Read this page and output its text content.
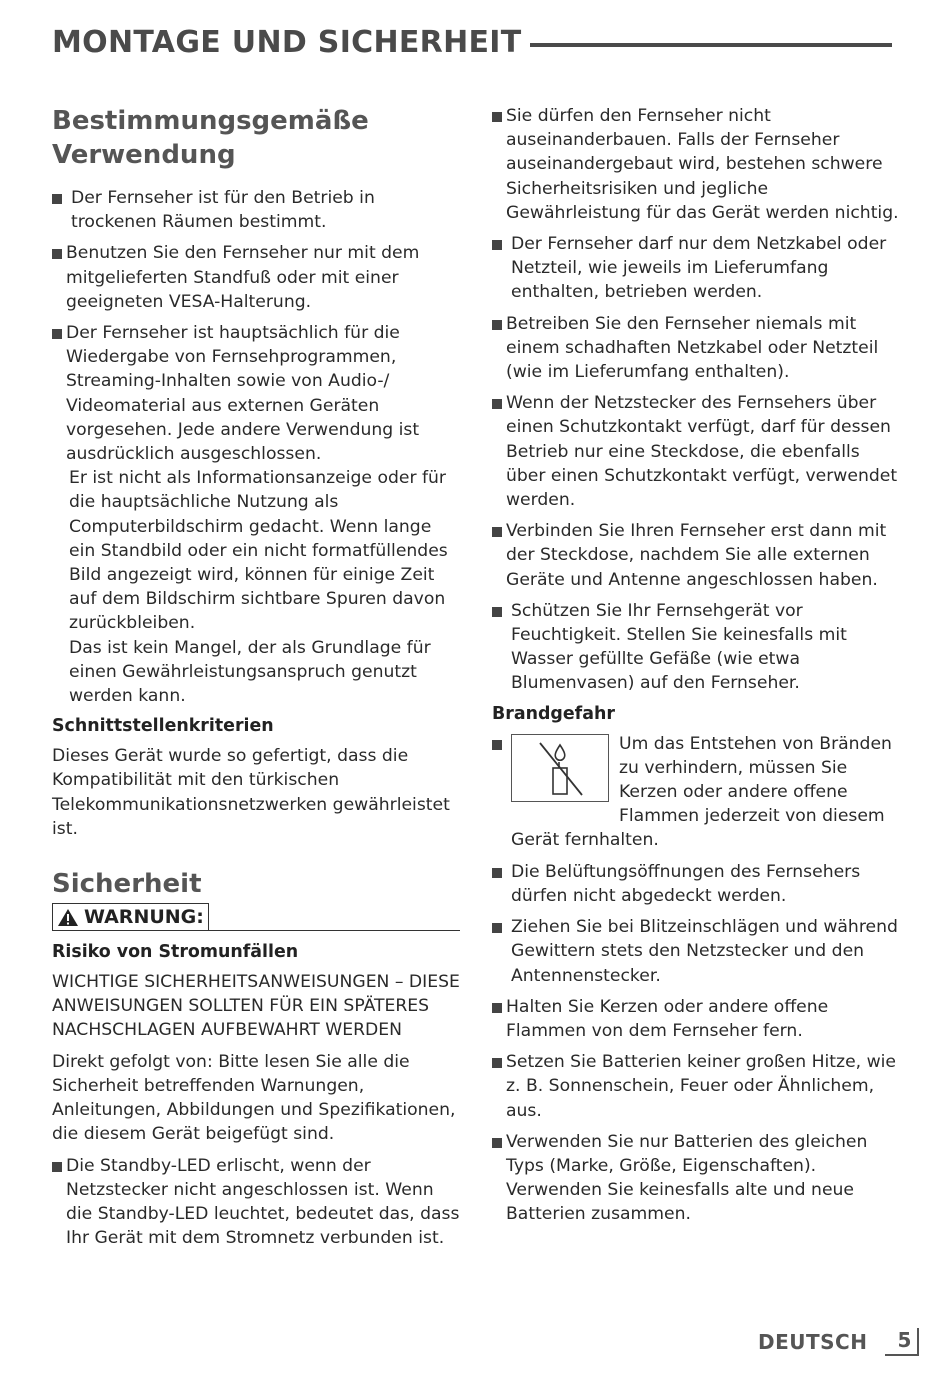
MONTAGE UND SICHERHEIT
Bestimmungsgemäße
Verwendung
Der Fernseher ist für den Betrieb in trockenen Räumen bestimmt.
Benutzen Sie den Fernseher nur mit dem mitgelieferten Standfuß oder mit einer geeigneten VESA-Halterung.
Der Fernseher ist hauptsächlich für die Wiedergabe von Fernsehprogrammen, Streaming-Inhalten sowie von Audio-/ Videomaterial aus externen Geräten vorgesehen. Jede andere Verwendung ist ausdrücklich ausgeschlossen.

Er ist nicht als Informationsanzeige oder für die hauptsächliche Nutzung als Computerbildschirm gedacht. Wenn lange ein Standbild oder ein nicht formatfüllendes Bild angezeigt wird, können für einige Zeit auf dem Bildschirm sichtbare Spuren davon zurückbleiben.

Das ist kein Mangel, der als Grundlage für einen Gewährleistungsanspruch genutzt werden kann.

Schnittstellenkriterien

Dieses Gerät wurde so gefertigt, dass die Kompatibilität mit den türkischen Telekommunikationsnetzwerken gewährleistet ist.

Sicherheit
WARNUNG:
Risiko von Stromunfällen

WICHTIGE SICHERHEITSANWEISUNGEN – DIESE ANWEISUNGEN SOLLTEN FÜR EIN SPÄTERES NACHSCHLAGEN AUFBEWAHRT WERDEN

Direkt gefolgt von: Bitte lesen Sie alle die Sicherheit betreffenden Warnungen, Anleitungen, Abbildungen und Spezifikationen, die diesem Gerät beigefügt sind.

Die Standby-LED erlischt, wenn der Netzstecker nicht angeschlossen ist. Wenn die Standby-LED leuchtet, bedeutet das, dass Ihr Gerät mit dem Stromnetz verbunden ist.
Sie dürfen den Fernseher nicht auseinanderbauen. Falls der Fernseher auseinandergebaut wird, bestehen schwere Sicherheitsrisiken und jegliche Gewährleistung für das Gerät werden nichtig.
Der Fernseher darf nur dem Netzkabel oder Netzteil, wie jeweils im Lieferumfang enthalten, betrieben werden.
Betreiben Sie den Fernseher niemals mit einem schadhaften Netzkabel oder Netzteil (wie im Lieferumfang enthalten).
Wenn der Netzstecker des Fernsehers über einen Schutzkontakt verfügt, darf für dessen Betrieb nur eine Steckdose, die ebenfalls über einen Schutzkontakt verfügt, verwendet werden.
Verbinden Sie Ihren Fernseher erst dann mit der Steckdose, nachdem Sie alle externen Geräte und Antenne angeschlossen haben.
Schützen Sie Ihr Fernsehgerät vor Feuchtigkeit. Stellen Sie keinesfalls mit Wasser gefüllte Gefäße (wie etwa Blumenvasen) auf den Fernseher.
Brandgefahr
Um das Entstehen von Bränden zu verhindern, müssen Sie Kerzen oder andere offene Flammen jederzeit von diesem Gerät fernhalten.
Die Belüftungsöffnungen des Fernsehers dürfen nicht abgedeckt werden.
Ziehen Sie bei Blitzeinschlägen und während Gewittern stets den Netzstecker und den Antennenstecker.
Halten Sie Kerzen oder andere offene Flammen von dem Fernseher fern.
Setzen Sie Batterien keiner großen Hitze, wie z. B. Sonnenschein, Feuer oder Ähnlichem, aus.
Verwenden Sie nur Batterien des gleichen Typs (Marke, Größe, Eigenschaften). Verwenden Sie keinesfalls alte und neue Batterien zusammen.
DEUTSCH	5
